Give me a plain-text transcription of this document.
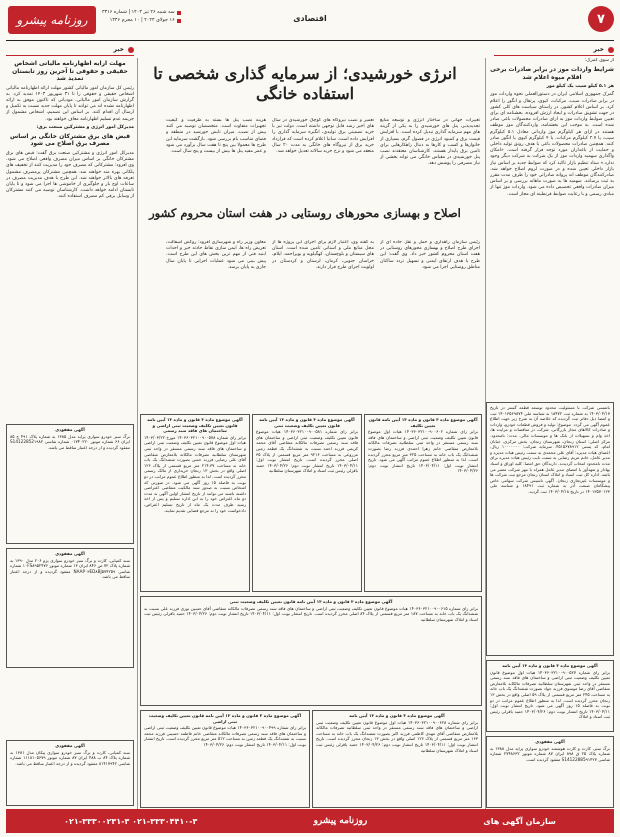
۷
اقتصادی
سه شنبه ۲۶ تیر ۱۴۰۳ | شماره ۳۳۱۶
۱۶ جولای ۲۰۲۴ | ۱۰ محرم ۱۴۴۶
روزنامه پیشرو
خبر
خبر

از سوی گمرک:

شرایط واردات موز در برابر صادرات برخی اقلام میوه اعلام شد

هر ۵.۱ کیلو سیب یک کیلو موز

گمرک جمهوری اسلامی ایران در دستورالعملی نحوه واردات موز در برابر صادرات سیب، مرکبات، کیوی، پرتقال و انگور را اعلام کرد. بر اساس اعلام کشور، در راستای سیاست های کلی کشور در جهت تشویق صادرات و ایجاد ارزش افزوده، بخشنامه ای برای تعیین ضوابط واردات موز به ازای صادرات محصولات باغی صادر شده است. به موجب این بخشنامه، واردکنندگان موز موظف هستند در ازای هر کیلوگرم موز وارداتی معادل ۵.۱ کیلوگرم سیب، یا ۲.۷ کیلوگرم مرکبات، یا ۴ کیلوگرم کیوی یا انگور صادر کنند. همچنین صادرات محصولات باغی با هدف رونق تولید داخلی و حمایت از باغداران مورد توجه قرار گرفته است. «امکان واگذاری سهمیه واردات موز از یک شرکت به شرکت دیگر وجود ندارد.» ستاد تنظیم بازار تاکید کرد که ضوابط جدید بر اساس نیاز بازار داخلی تعیین شده و در صورت لزوم اصلاح خواهد شد. صادرکنندگان موظف اند پروانه صادراتی خود را ظرف مدت مقرر به ثبت برسانند. سهمیه ها به صورت ماهانه بررسی و بر اساس میزان صادرات واقعی تخصیص داده می شود. واردات موز تنها از مبادی رسمی و با رعایت ضوابط قرنطینه ای مجاز است.

انرژی خورشیدی؛ از سرمایه گذاری شخصی تا استفاده خانگی
تغییرات جهانی در ساختار انرژی و توسعه منابع تجدیدپذیر، پنل های خورشیدی را به یکی از گزینه های مهم سرمایه گذاری تبدیل کرده است. با افزایش قیمت برق و کمبود انرژی در فصول گرم، بسیاری از خانوارها و کسب و کارها به دنبال راهکارهایی برای تامین برق پایدار هستند. کارشناسان معتقدند نصب پنل خورشیدی در مقیاس خانگی می تواند بخشی از نیاز مصرفی را پوشش دهد.
تعمیر و نصب نیروگاه های کوچک خورشیدی در سال های اخیر رشد قابل توجهی داشته است. دولت نیز با خرید تضمینی برق تولیدی، انگیزه سرمایه گذاری را افزایش داده است. ساتبا اعلام کرده است که قرارداد خرید برق از نیروگاه های خانگی به مدت ۲۰ سال منعقد می شود و نرخ خرید سالانه تعدیل خواهد شد.
هزینه نصب پنل ها بسته به ظرفیت و کیفیت تجهیزات متفاوت است. متخصصان توصیه می کنند پیش از نصب، میزان تابش خورشید در منطقه و فضای مناسب بام بررسی شود. بازگشت سرمایه این طرح ها معمولا بین پنج تا هفت سال برآورد می شود و عمر مفید پنل ها بیش از بیست و پنج سال است.
اصلاح و بهسازی محورهای روستایی در هفت استان محروم کشور
رئیس سازمان راهداری و حمل و نقل جاده ای از اجرای طرح اصلاح و بهسازی محورهای روستایی در هفت استان محروم کشور خبر داد. وی گفت: این طرح با هدف ارتقای ایمنی و تسهیل تردد ساکنان مناطق روستایی اجرا می شود.
به گفته وی، اعتبار لازم برای اجرای این پروژه ها از محل منابع ملی و استانی تامین شده است. استان های سیستان و بلوچستان، کهگیلویه و بویراحمد، ایلام، خراسان جنوبی، کرمان، لرستان و کردستان در اولویت اجرای طرح قرار دارند.
معاون وزیر راه و شهرسازی افزود: روکش آسفالت، تعریض راه ها، ایمن سازی نقاط حادثه خیز و احداث ابنیه فنی از مهم ترین بخش های این طرح است. پیش بینی می شود عملیات اجرایی تا پایان سال جاری به پایان برسد.
مهلت ارایه اظهارنامه مالیاتی اشخاص حقیقی و حقوقی تا آخرین روز تابستان تمدید شد

رئیس کل سازمان امور مالیاتی کشور مهلت ارائه اظهارنامه مالیاتی اشخاص حقیقی و حقوقی را تا ۳۱ شهریور ۱۴۰۳ تمدید کرد. به گزارش سازمان امور مالیاتی، مودیانی که تاکنون موفق به ارائه اظهارنامه نشده اند می توانند تا پایان مهلت جدید نسبت به تکمیل و ارسال آن اقدام کنند. بر اساس این تصمیم، اشخاص مشمول از جریمه عدم تسلیم اظهارنامه معاف خواهند بود.

مدیرکل امور انرژی و مشترکین صنعت برق:

قبض های برق مشترکان خانگی بر اساس مصرف برق اصلاح می شود

مدیرکل امور انرژی و مشترکین صنعت برق گفت: قبض های برق مشترکان خانگی بر اساس میزان مصرف واقعی اصلاح می شود. وی افزود: مشترکانی که مصرف خود را مدیریت کنند از تخفیف های پلکانی بهره مند خواهند شد. همچنین مشترکان پرمصرف مشمول تعرفه های بالاتر خواهند شد. این طرح با هدف مدیریت مصرف در ساعات اوج بار و جلوگیری از خاموشی ها اجرا می شود و تا پایان تابستان ادامه خواهد داشت. کارشناسان توصیه می کنند مشترکان از وسایل برقی کم مصرف استفاده کنند.

آگهی مفقودی
برگ سبز خودرو سواری پراید مدل ۱۳۸۵ به شماره پلاک ۴۹۱ ج ۸۵ ایران ۶۶ شماره موتور ۰۱۷۴۰۲۲۰ شماره شاسی S14122852۱۹۸۲ مفقود گردیده و از درجه اعتبار ساقط می باشد.
آگهی مفقودی
سند کمپانی، کارت و برگ سبز خودرو سواری پژو ۲۰۶ مدل ۱۳۹۰ به شماره پلاک ۷۲ ص ۸۴۶ ایران ۱۳ شماره موتور ۱۰FS۸۹۵۲۴۷۶ شماره شاسی NAAP۰۳ED۸BJ۵۷۴۲۵۹ مفقود گردیده و از درجه اعتبار ساقط می باشد.
آگهی مفقودی
سند کمپانی، کارت و برگ سبز خودرو سواری پیکان مدل ۱۳۸۱ به شماره پلاک ۸۴ ب ۴۸۸ ایران ۸۷ شماره موتور ۱۱۱۸۱۰۵۶۷۹ شماره شاسی ۸۱۴۱۷۹۴۲ مفقود گردیده و از درجه اعتبار ساقط می باشد.
آگهی موضوع ماده ۳ قانون و ماده ۱۳ آیین نامه قانون تعیین تکلیف وضعیت ثبتی اراضی و ساختمان های فاقد سند رسمی
برابر رای شماره ۱۴۰۳۶۰۳۲۱۰۰۹۰۰۵۷۸ مورخ ۱۴۰۳/۰۳/۲۲ هیات اول موضوع قانون تعیین تکلیف وضعیت ثبتی اراضی و ساختمان های فاقد سند رسمی مستقر در واحد ثبتی شهرستان سلطانیه تصرفات مالکانه بلامعارض متقاضی آقای علی رضایی فرزند حسن بصورت ششدانگ یک باب خانه به مساحت ۲۱۴.۳۷ متر مربع قسمتی از پلاک ۱۲۶ اصلی واقع در بخش ۱۳ زنجان خریداری از مالک رسمی محرز گردیده است. لذا به منظور اطلاع عموم مراتب در دو نوبت به فاصله ۱۵ روز آگهی می شود. در صورتی که اشخاص نسبت به صدور سند مالکیت متقاضی اعتراضی داشته باشند می توانند از تاریخ انتشار اولین آگهی به مدت دو ماه اعتراض خود را به این اداره تسلیم و پس از اخذ رسید ظرف مدت یک ماه از تاریخ تسلیم اعتراض، دادخواست خود را به مرجع قضایی تقدیم نمایند.
آگهی موضوع ماده ۳ قانون و ماده ۱۳ آیین نامه قانون تعیین تکلیف وضعیت ثبتی
برابر رای شماره ۱۴۰۳۶۰۳۲۱۰۰۹۰۰۵۸۱ هیات موضوع قانون تعیین تکلیف وضعیت ثبتی اراضی و ساختمان های فاقد سند رسمی تصرفات مالکانه متقاضی آقای محمد کریمی فرزند احمد نسبت به ششدانگ یک قطعه زمین مزروعی به مساحت ۹۲۱۶ متر مربع قسمتی از پلاک ۳۵ اصلی محرز گردیده است. تاریخ انتشار نوبت اول: ۱۴۰۳/۰۴/۱۱ تاریخ انتشار نوبت دوم: ۱۴۰۳/۰۴/۲۶ حمید باقرلی رئیس ثبت اسناد و املاک شهرستان سلطانیه
آگهی موضوع ماده ۳ قانون و ماده ۱۳ آیین نامه قانون تعیین تکلیف
برابر رای شماره ۱۴۰۳۶۰۳۲۱۰۰۹۰۰۶۰۲ هیات اول موضوع قانون تعیین تکلیف وضعیت ثبتی اراضی و ساختمان های فاقد سند رسمی مستقر در واحد ثبتی سلطانیه تصرفات مالکانه بلامعارض متقاضی خانم زهرا احمدی فرزند رضا بصورت ششدانگ یک باب خانه به مساحت ۳۲۵ متر مربع محرز گردیده است. لذا به منظور اطلاع عموم مراتب آگهی می شود. تاریخ انتشار نوبت اول: ۱۴۰۳/۰۴/۱۱ تاریخ انتشار نوبت دوم: ۱۴۰۳/۰۴/۲۶
آگهی موضوع ماده ۳ قانون و ماده ۱۳ آیین نامه قانون تعیین تکلیف وضعیت ثبتی
برابر رای شماره ۱۴۰۳۶۰۳۲۱۰۰۹۰۰۶۱۵ هیات موضوع قانون تعیین تکلیف وضعیت ثبتی اراضی و ساختمان های فاقد سند رسمی تصرفات مالکانه متقاضی آقای حسین نوری فرزند علی نسبت به ششدانگ یک باب خانه به مساحت ۱۸۷ متر مربع قسمتی از پلاک ۸۴ اصلی محرز گردیده است. تاریخ انتشار نوبت اول: ۱۴۰۳/۰۴/۱۱ تاریخ انتشار نوبت دوم: ۱۴۰۳/۰۴/۲۶ حمید باقرلی رئیس ثبت اسناد و املاک شهرستان سلطانیه
آگهی موضوع ماده ۳ قانون و ماده ۱۳ آیین نامه قانون تعیین تکلیف وضعیت ثبتی اراضی
برابر رای شماره ۱۴۰۳۶۰۳۲۱۰۰۹۰۰۴۹۹ هیات موضوع قانون تعیین تکلیف وضعیت ثبتی اراضی و ساختمان های فاقد سند رسمی تصرفات مالکانه متقاضی خانم فاطمه حسینی فرزند محمد نسبت به ششدانگ یک قطعه زمین به مساحت ۵۱۲ متر مربع محرز گردیده است. تاریخ انتشار نوبت اول: ۱۴۰۳/۰۴/۱۱ تاریخ انتشار نوبت دوم: ۱۴۰۳/۰۴/۲۶
آگهی موضوع ماده ۳ قانون و ماده ۱۳ آیین نامه
برابر رای شماره ۱۴۰۳۶۰۳۲۱۰۰۹۰۰۶۲۸ هیات اول موضوع قانون تعیین تکلیف وضعیت ثبتی اراضی و ساختمان های فاقد سند رسمی مستقر در واحد ثبتی سلطانیه تصرفات مالکانه بلامعارض متقاضی آقای مهدی کاظمی فرزند اکبر بصورت ششدانگ یک باب خانه به مساحت ۱۶۳ متر مربع قسمتی از پلاک ۱۲۶ اصلی واقع در بخش ۱۳ زنجان محرز گردیده است. تاریخ انتشار نوبت اول: ۱۴۰۳/۰۴/۱۱ تاریخ انتشار نوبت دوم: ۱۴۰۳/۰۴/۲۶ حمید باقرلی رئیس ثبت اسناد و املاک شهرستان سلطانیه
باتمسی شرکت با مسئولیت محدود توسعه قطعه گستر در تاریخ ۱۴۰۳/۰۴/۱۷ به شماره ثبت ۱۸۴۷۲ به شناسه ملی ۱۴۰۱۳۵۶۹۸۷۴ ثبت و امضا ذیل دفاتر ثبت گردیده که خلاصه آن به شرح زیر جهت اطلاع عموم آگهی می گردد. موضوع: تولید و فروش قطعات خودرو، واردات و صادرات کالاهای مجاز بازرگانی، شرکت در مناقصات و مزایده ها، اخذ وام و تسهیلات از بانک ها و موسسات مالی. مدت: نامحدود. مرکز اصلی: استان زنجان، شهرستان زنجان، بخش مرکزی، خیابان امام، کد پستی ۴۵۱۵۶۷۸۹۱۲. سرمایه شرکت: ۱۰۰۰۰۰۰۰ ریال. اعضای هیات مدیره: آقای علی محمدی به سمت رئیس هیات مدیره و مدیر عامل، خانم مریم رضایی به سمت نایب رئیس هیات مدیره برای مدت نامحدود انتخاب گردیدند. دارندگان حق امضا: کلیه اوراق و اسناد بهادار و تعهدآور با امضای مدیر عامل همراه با مهر شرکت معتبر می باشد. اداره کل ثبت اسناد و املاک استان زنجان مرجع ثبت شرکت ها و موسسات غیرتجاری زنجان. آگهی تاسیس شرکت سهامی خاص پیشگامان صنعت آذر به شماره ثبت ۱۸۴۹۱ و شناسه ملی ۱۴۰۱۳۵۷۰۱۲۳ در تاریخ ۱۴۰۳/۰۴/۱۸ ثبت گردید.
آگهی موضوع ماده ۳ قانون و ماده ۱۳ آیین نامه
برابر رای شماره ۱۴۰۳۶۰۳۲۱۰۰۹۰۰۵۲۷ هیات اول موضوع قانون تعیین تکلیف وضعیت ثبتی اراضی و ساختمان های فاقد سند رسمی مستقر در واحد ثبتی شهرستان سلطانیه تصرفات مالکانه بلامعارض متقاضی آقای رضا موسوی فرزند جواد بصورت ششدانگ یک باب خانه به مساحت ۲۴۵ متر مربع قسمتی از پلاک ۵۹ اصلی واقع در بخش ۱۳ زنجان محرز گردیده است. لذا به منظور اطلاع عموم مراتب در دو نوبت به فاصله ۱۵ روز آگهی می شود. تاریخ انتشار نوبت اول: ۱۴۰۳/۰۴/۱۱ تاریخ انتشار نوبت دوم: ۱۴۰۳/۰۴/۲۶ حمید باقرلی رئیس ثبت اسناد و املاک
آگهی مفقودی
برگ سبز، کارت و کارت هوشمند خودرو سواری پراید مدل ۱۳۸۸ به شماره پلاک ۲۵ ق ۸۹۸ ایران ۸۷ شماره موتور ۲۷۴۸۶۳۲ شماره شاسی S14122885۹۱۴۲۷ مفقود گردیده است.
سازمان آگهی های
روزنامه پیشرو
۰۲۱-۳۳۳۰۴۴۱۰-۳ ۰۲۱-۳۳۳۰۰۲۳۱-۳
